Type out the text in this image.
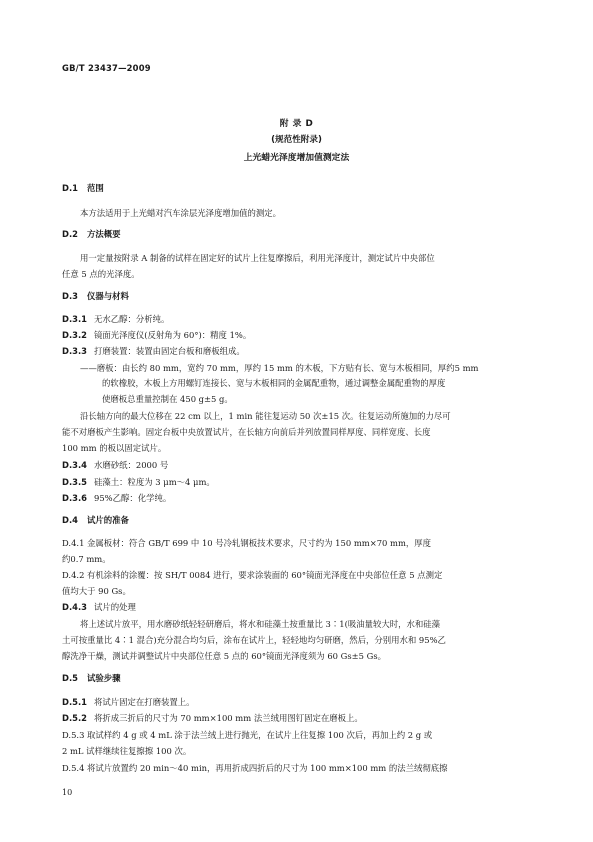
GB/T 23437—2009
附 录 D
(规范性附录)
上光蜡光泽度增加值测定法
D.1 范围
本方法适用于上光蜡对汽车涂层光泽度增加值的测定。
D.2 方法概要
用一定量按附录 A 制备的试样在固定好的试片上往复摩擦后，利用光泽度计，测定试片中央部位
任意 5 点的光泽度。
D.3 仪器与材料
D.3.1 无水乙醇：分析纯。
D.3.2 镜面光泽度仪(反射角为 60°)：精度 1%。
D.3.3 打磨装置：装置由固定台板和磨板组成。
——磨板：由长约 80 mm，宽约 70 mm，厚约 15 mm 的木板，下方贴有长、宽与木板相同，厚约5 mm
的软橡胶，木板上方用螺钉连接长、宽与木板相同的金属配重物，通过调整金属配重物的厚度
使磨板总重量控制在 450 g±5 g。
沿长轴方向的最大位移在 22 cm 以上，1 min 能往复运动 50 次±15 次。往复运动所施加的力尽可
能不对磨板产生影响。固定台板中央放置试片，在长轴方向前后并列放置同样厚度、同样宽度、长度
100 mm 的板以固定试片。
D.3.4 水磨砂纸：2000 号
D.3.5 硅藻土：粒度为 3 μm～4 μm。
D.3.6 95%乙醇：化学纯。
D.4 试片的准备
D.4.1 金属板材：符合 GB/T 699 中 10 号冷轧钢板技术要求，尺寸约为 150 mm×70 mm，厚度
约0.7 mm。
D.4.2 有机涂料的涂覆：按 SH/T 0084 进行，要求涂装面的 60°镜面光泽度在中央部位任意 5 点测定
值均大于 90 Gs。
D.4.3 试片的处理
将上述试片放平，用水磨砂纸轻轻研磨后，将水和硅藻土按重量比 3∶1(吸油量较大时，水和硅藻
土可按重量比 4∶1 混合)充分混合均匀后，涂布在试片上，轻轻地均匀研磨，然后，分别用水和 95%乙
醇洗净干燥，测试并调整试片中央部位任意 5 点的 60°镜面光泽度须为 60 Gs±5 Gs。
D.5 试验步骤
D.5.1 将试片固定在打磨装置上。
D.5.2 将折成三折后的尺寸为 70 mm×100 mm 法兰绒用图钉固定在磨板上。
D.5.3 取试样约 4 g 或 4 mL 涂于法兰绒上进行抛光，在试片上往复擦 100 次后，再加上约 2 g 或
2 mL 试样继续往复擦擦 100 次。
D.5.4 将试片放置约 20 min～40 min，再用折成四折后的尺寸为 100 mm×100 mm 的法兰绒彻底擦
10
